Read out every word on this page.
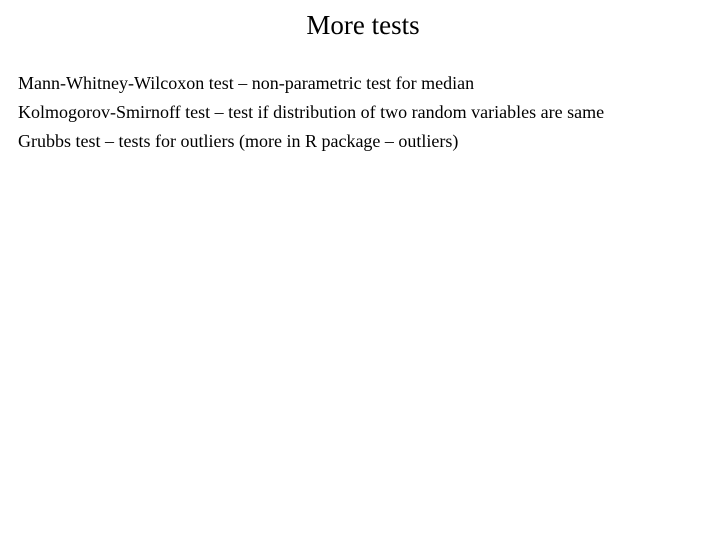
More tests
Mann-Whitney-Wilcoxon test – non-parametric test for median
Kolmogorov-Smirnoff test – test if distribution of two random variables are same
Grubbs test – tests for outliers (more in R package – outliers)
